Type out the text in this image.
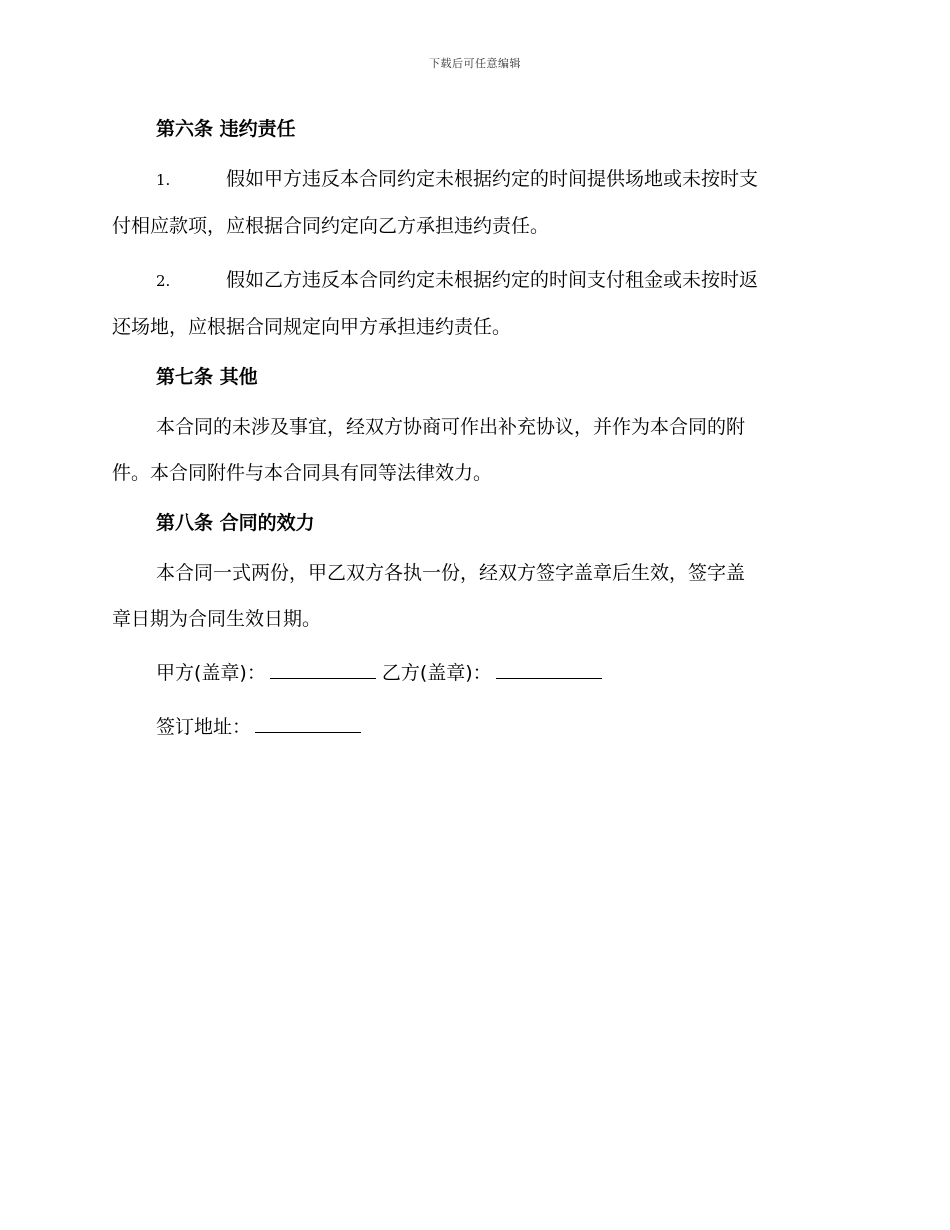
下载后可任意编辑
第六条 违约责任

1.	假如甲方违反本合同约定未根据约定的时间提供场地或未按时支

付相应款项，应根据合同约定向乙方承担违约责任。

2.	假如乙方违反本合同约定未根据约定的时间支付租金或未按时返

还场地，应根据合同规定向甲方承担违约责任。

第七条 其他

本合同的未涉及事宜，经双方协商可作出补充协议，并作为本合同的附

件。本合同附件与本合同具有同等法律效力。

第八条 合同的效力

本合同一式两份，甲乙双方各执一份，经双方签字盖章后生效，签字盖

章日期为合同生效日期。

甲方(盖章)：	乙方(盖章)：

签订地址：
